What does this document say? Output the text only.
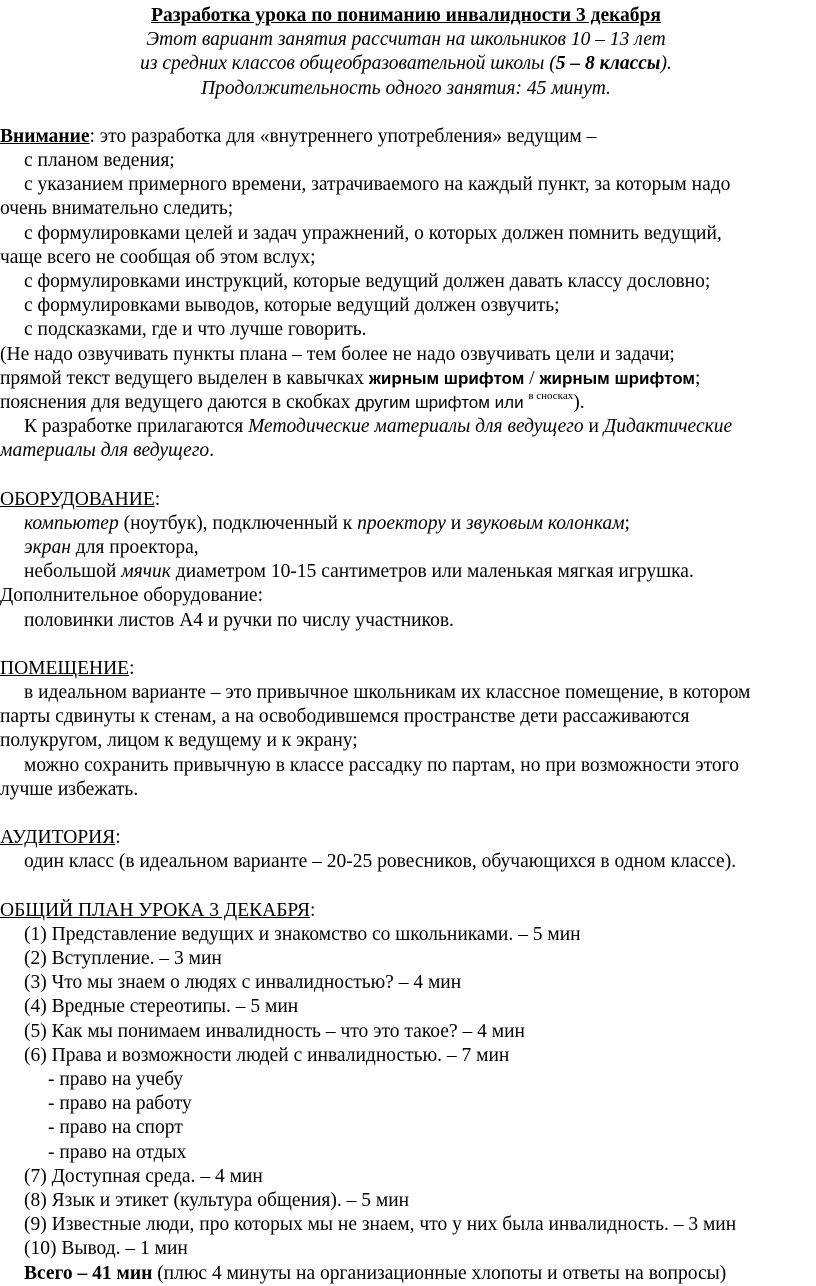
Разработка урока по пониманию инвалидности 3 декабря

Этот вариант занятия рассчитан на школьников 10 – 13 лет

из средних классов общеобразовательной школы (5 – 8 классы).

Продолжительность одного занятия: 45 минут.

Внимание: это разработка для «внутреннего употребления» ведущим –

с планом ведения;

с указанием примерного времени, затрачиваемого на каждый пункт, за которым надо

очень внимательно следить;

с формулировками целей и задач упражнений, о которых должен помнить ведущий,

чаще всего не сообщая об этом вслух;

с формулировками инструкций, которые ведущий должен давать классу дословно;

с формулировками выводов, которые ведущий должен озвучить;

с подсказками, где и что лучше говорить.

(Не надо озвучивать пункты плана – тем более не надо озвучивать цели и задачи;

прямой текст ведущего выделен в кавычках жирным шрифтом / жирным шрифтом;

пояснения для ведущего даются в скобках другим шрифтом или $^{в сносках}$).

К разработке прилагаются Методические материалы для ведущего и Дидактические

материалы для ведущего.

ОБОРУДОВАНИЕ:

компьютер (ноутбук), подключенный к проектору и звуковым колонкам;

экран для проектора,

небольшой мячик диаметром 10-15 сантиметров или маленькая мягкая игрушка.

Дополнительное оборудование:

половинки листов А4 и ручки по числу участников.

ПОМЕЩЕНИЕ:

в идеальном варианте – это привычное школьникам их классное помещение, в котором

парты сдвинуты к стенам, а на освободившемся пространстве дети рассаживаются

полукругом, лицом к ведущему и к экрану;

можно сохранить привычную в классе рассадку по партам, но при возможности этого

лучше избежать.

АУДИТОРИЯ:

один класс (в идеальном варианте – 20-25 ровесников, обучающихся в одном классе).

ОБЩИЙ ПЛАН УРОКА 3 ДЕКАБРЯ:

(1) Представление ведущих и знакомство со школьниками. – 5 мин

(2) Вступление. – 3 мин

(3) Что мы знаем о людях с инвалидностью? – 4 мин

(4) Вредные стереотипы. – 5 мин

(5) Как мы понимаем инвалидность – что это такое? – 4 мин

(6) Права и возможности людей с инвалидностью. – 7 мин

- право на учебу

- право на работу

- право на спорт

- право на отдых

(7) Доступная среда. – 4 мин

(8) Язык и этикет (культура общения). – 5 мин

(9) Известные люди, про которых мы не знаем, что у них была инвалидность. – 3 мин

(10) Вывод. – 1 мин

Всего – 41 мин (плюс 4 минуты на организационные хлопоты и ответы на вопросы)
